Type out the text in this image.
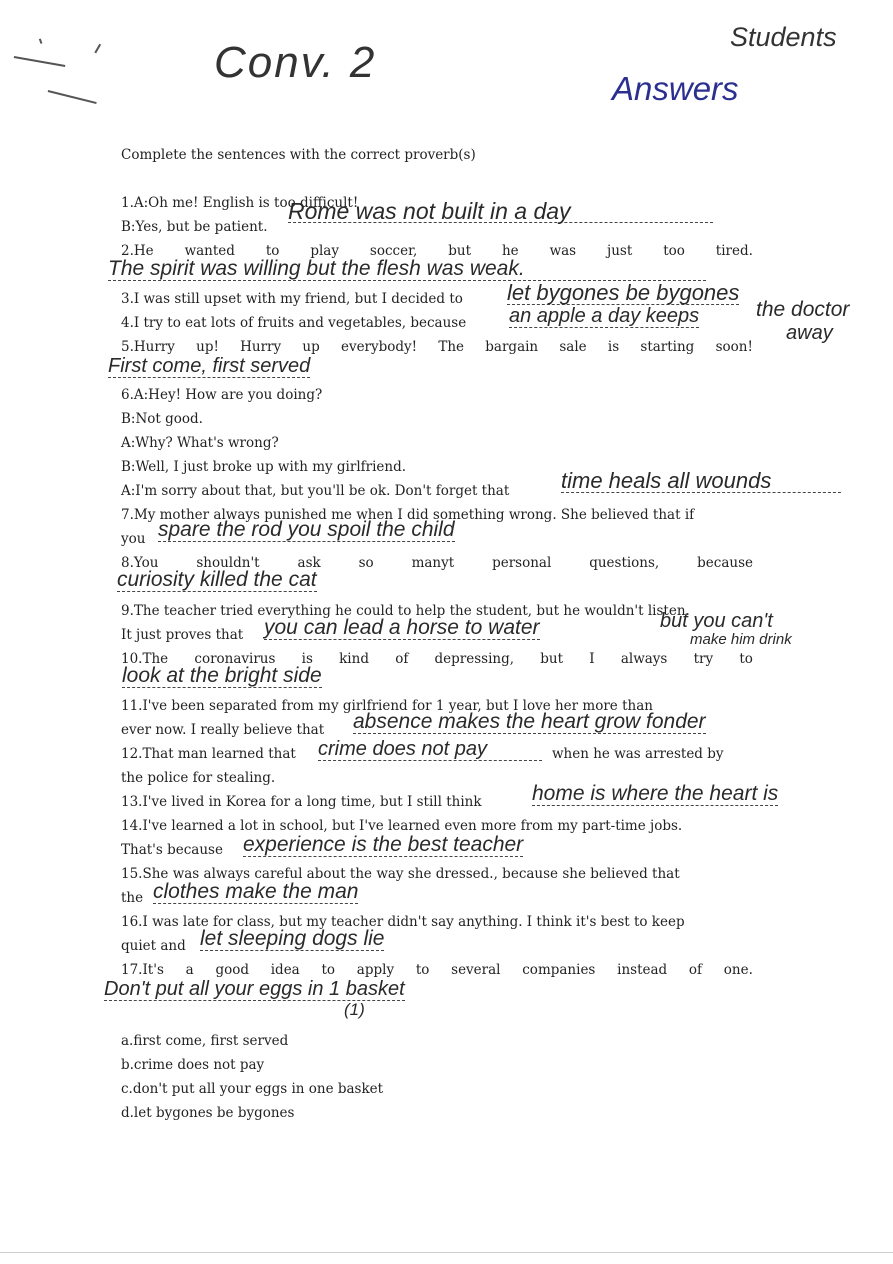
Conv. 2
Students
Answers
Complete the sentences with the correct proverb(s)
1.A:Oh me! English is too difficult!
B:Yes, but be patient.
Rome was not built in a day
2.He wanted to play soccer, but he was just too tired.
The spirit was willing but the flesh was weak.
3.I was still upset with my friend, but I decided to let bygones be bygones
4.I try to eat lots of fruits and vegetables, because an apple a day keeps	the doctor
away
5.Hurry up! Hurry up everybody! The bargain sale is starting soon!
First come, first served
6.A:Hey! How are you doing?
B:Not good.
A:Why? What's wrong?
B:Well, I just broke up with my girlfriend.
A:I'm sorry about that, but you'll be ok. Don't forget that time heals all wounds
7.My mother always punished me when I did something wrong. She believed that if
you spare the rod you spoil the child
8.You	shouldn't	ask	so	manyt	personal	questions,	because
curiosity killed the cat
9.The teacher tried everything he could to help the student, but he wouldn't listen.
It just proves that you can lead a horse to water	but you can't
make him drink
10.The coronavirus is kind of depressing, but I always try to
look at the bright side
11.I've been separated from my girlfriend for 1 year, but I love her more than
ever now. I really believe that absence makes the heart grow fonder
12.That man learned that crime does not pay	when he was arrested by
the police for stealing.
13.I've lived in Korea for a long time, but I still think home is where the heart is
14.I've learned a lot in school, but I've learned even more from my part-time jobs.
That's because experience is the best teacher
15.She was always careful about the way she dressed., because she believed that
the clothes make the man
16.I was late for class, but my teacher didn't say anything. I think it's best to keep
quiet and let sleeping dogs lie
17.It's a good idea to apply to several companies instead of one.
Don't put all your eggs in 1 basket
(1)
a.first come, first served
b.crime does not pay
c.don't put all your eggs in one basket
d.let bygones be bygones
